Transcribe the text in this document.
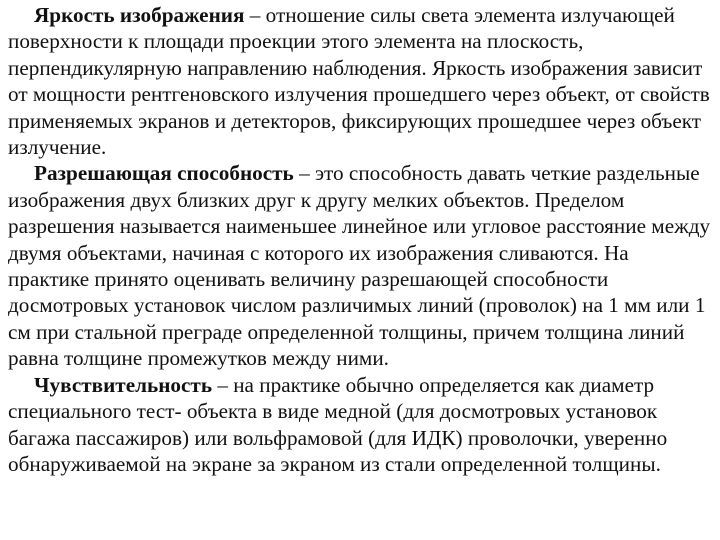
Яркость изображения – отношение силы света элемента излучающей поверхности к площади проекции этого элемента на плоскость, перпендикулярную направлению наблюдения. Яркость изображения зависит от мощности рентгеновского излучения прошедшего через объект, от свойств применяемых экранов и детекторов, фиксирующих прошедшее через объект излучение.

Разрешающая способность – это способность давать четкие раздельные изображения двух близких друг к другу мелких объектов. Пределом разрешения называется наименьшее линейное или угловое расстояние между двумя объектами, начиная с которого их изображения сливаются. На практике принято оценивать величину разрешающей способности досмотровых установок числом различимых линий (проволок) на 1 мм или 1 см при стальной преграде определенной толщины, причем толщина линий равна толщине промежутков между ними.

Чувствительность – на практике обычно определяется как диаметр специального тест- объекта в виде медной (для досмотровых установок багажа пассажиров) или вольфрамовой (для ИДК) проволочки, уверенно обнаруживаемой на экране за экраном из стали определенной толщины.
